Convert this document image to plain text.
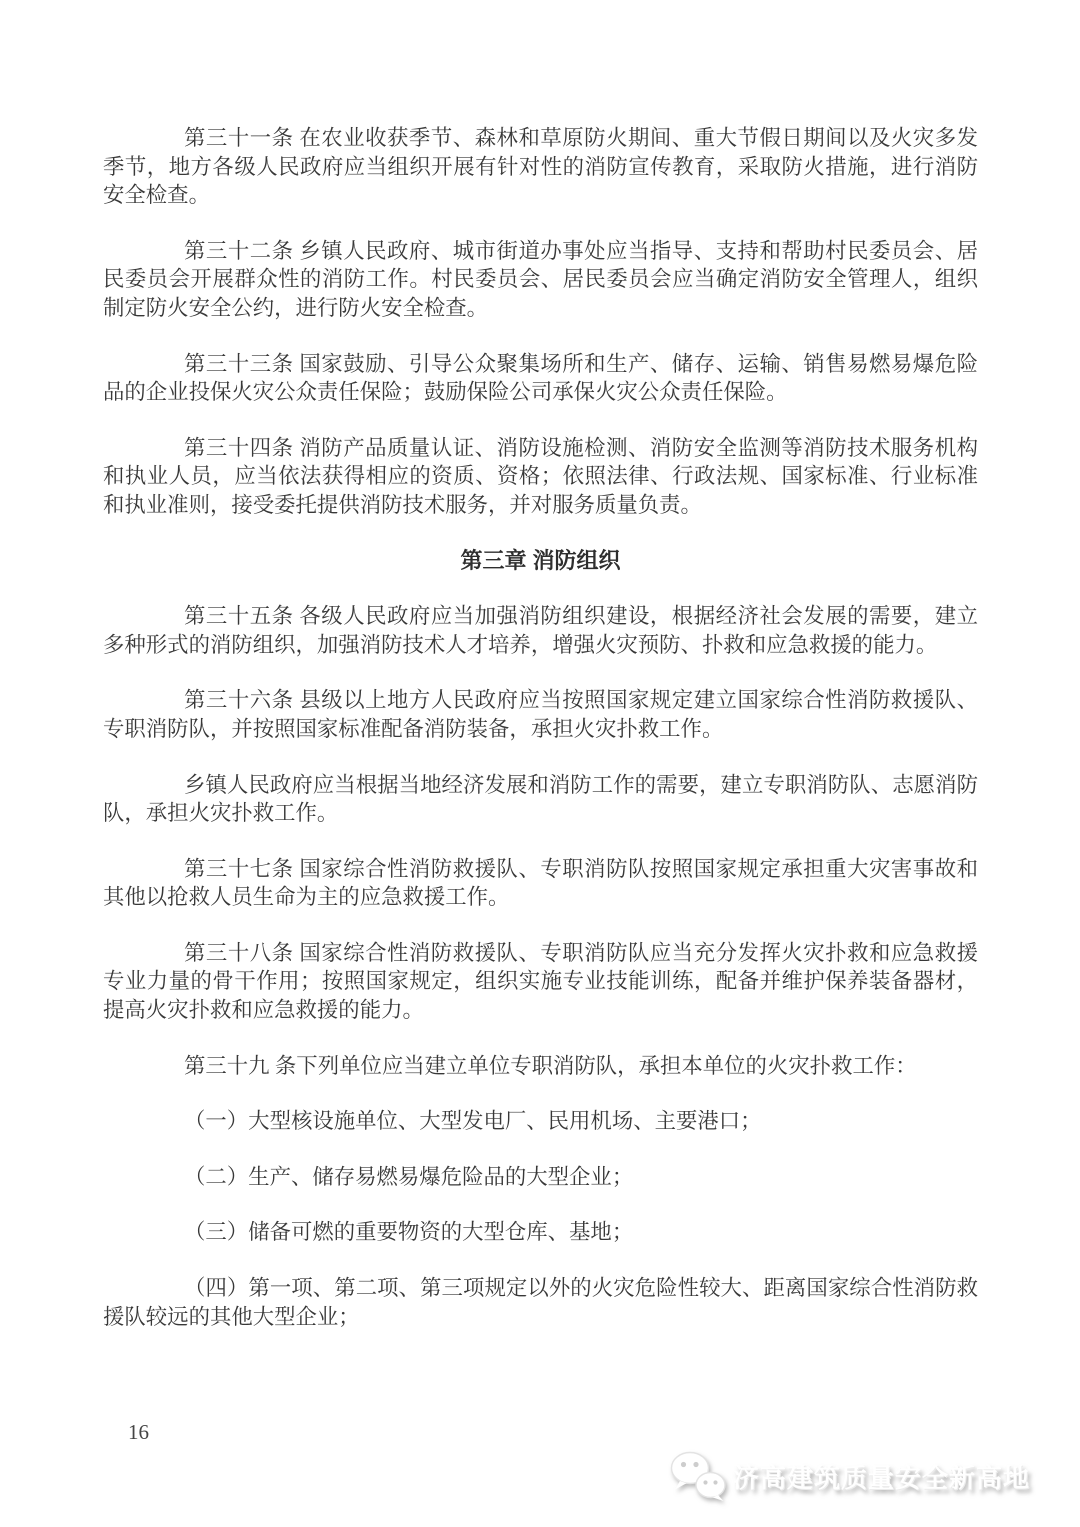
第三十一条 在农业收获季节、森林和草原防火期间、重大节假日期间以及火灾多发季节，地方各级人民政府应当组织开展有针对性的消防宣传教育，采取防火措施，进行消防安全检查。

第三十二条 乡镇人民政府、城市街道办事处应当指导、支持和帮助村民委员会、居民委员会开展群众性的消防工作。村民委员会、居民委员会应当确定消防安全管理人，组织制定防火安全公约，进行防火安全检查。

第三十三条 国家鼓励、引导公众聚集场所和生产、储存、运输、销售易燃易爆危险品的企业投保火灾公众责任保险；鼓励保险公司承保火灾公众责任保险。

第三十四条 消防产品质量认证、消防设施检测、消防安全监测等消防技术服务机构和执业人员，应当依法获得相应的资质、资格；依照法律、行政法规、国家标准、行业标准和执业准则，接受委托提供消防技术服务，并对服务质量负责。

第三章 消防组织

第三十五条 各级人民政府应当加强消防组织建设，根据经济社会发展的需要，建立多种形式的消防组织，加强消防技术人才培养，增强火灾预防、扑救和应急救援的能力。

第三十六条 县级以上地方人民政府应当按照国家规定建立国家综合性消防救援队、专职消防队，并按照国家标准配备消防装备，承担火灾扑救工作。

乡镇人民政府应当根据当地经济发展和消防工作的需要，建立专职消防队、志愿消防队，承担火灾扑救工作。

第三十七条 国家综合性消防救援队、专职消防队按照国家规定承担重大灾害事故和其他以抢救人员生命为主的应急救援工作。

第三十八条 国家综合性消防救援队、专职消防队应当充分发挥火灾扑救和应急救援专业力量的骨干作用；按照国家规定，组织实施专业技能训练，配备并维护保养装备器材，提高火灾扑救和应急救援的能力。

第三十九 条下列单位应当建立单位专职消防队，承担本单位的火灾扑救工作：

（一）大型核设施单位、大型发电厂、民用机场、主要港口；

（二）生产、储存易燃易爆危险品的大型企业；

（三）储备可燃的重要物资的大型仓库、基地；

（四）第一项、第二项、第三项规定以外的火灾危险性较大、距离国家综合性消防救援队较远的其他大型企业；

16
济高建筑质量安全新高地
